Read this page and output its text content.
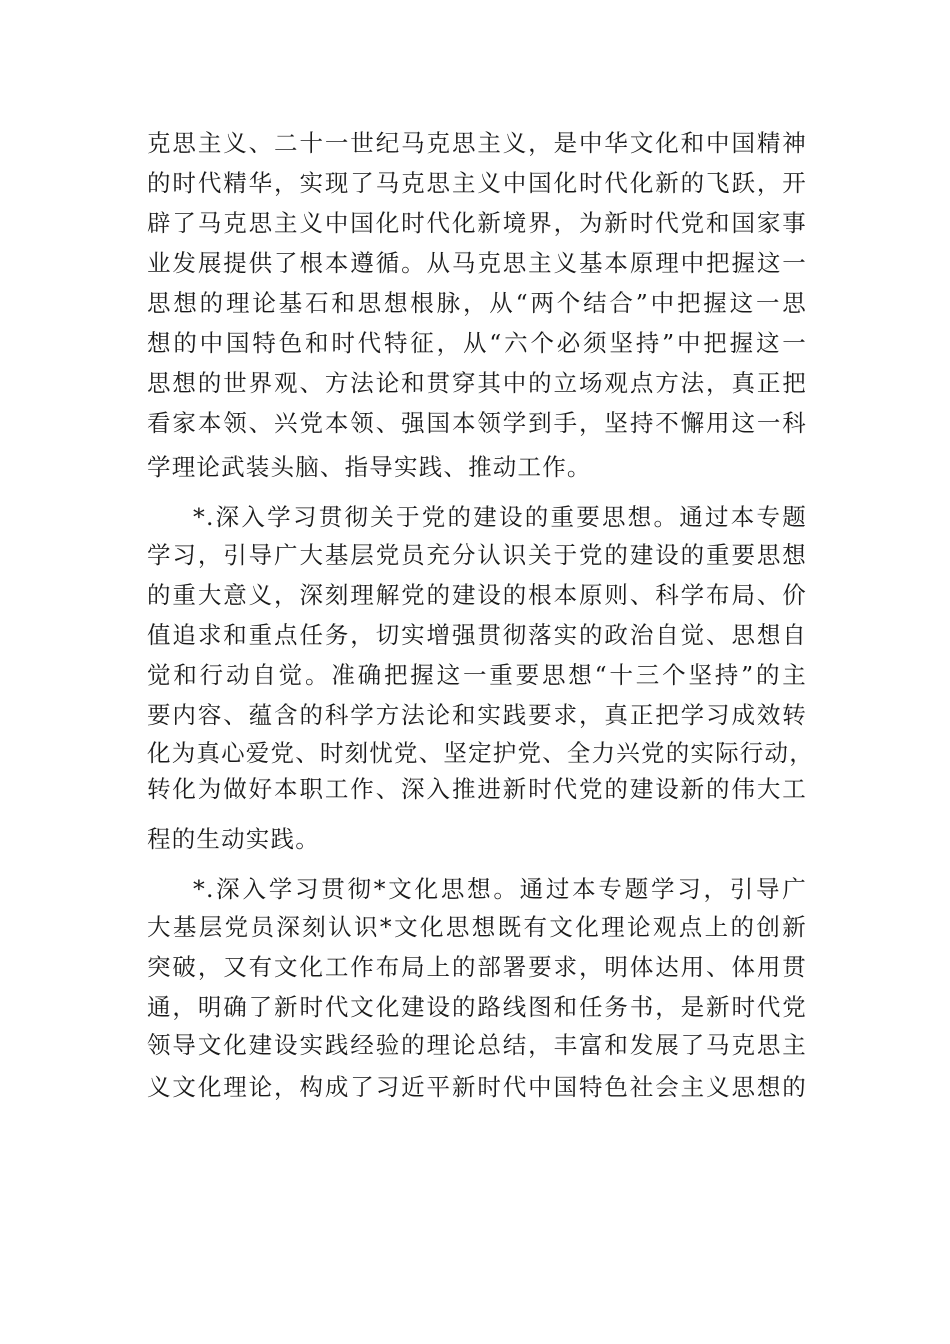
克思主义、二十一世纪马克思主义，是中华文化和中国精神
的时代精华，实现了马克思主义中国化时代化新的飞跃，开
辟了马克思主义中国化时代化新境界，为新时代党和国家事
业发展提供了根本遵循。从马克思主义基本原理中把握这一
思想的理论基石和思想根脉，从“两个结合”中把握这一思
想的中国特色和时代特征，从“六个必须坚持”中把握这一
思想的世界观、方法论和贯穿其中的立场观点方法，真正把
看家本领、兴党本领、强国本领学到手，坚持不懈用这一科
学理论武装头脑、指导实践、推动工作。
*.深入学习贯彻关于党的建设的重要思想。通过本专题
学习，引导广大基层党员充分认识关于党的建设的重要思想
的重大意义，深刻理解党的建设的根本原则、科学布局、价
值追求和重点任务，切实增强贯彻落实的政治自觉、思想自
觉和行动自觉。准确把握这一重要思想“十三个坚持”的主
要内容、蕴含的科学方法论和实践要求，真正把学习成效转
化为真心爱党、时刻忧党、坚定护党、全力兴党的实际行动，
转化为做好本职工作、深入推进新时代党的建设新的伟大工
程的生动实践。
*.深入学习贯彻*文化思想。通过本专题学习，引导广
大基层党员深刻认识*文化思想既有文化理论观点上的创新
突破，又有文化工作布局上的部署要求，明体达用、体用贯
通，明确了新时代文化建设的路线图和任务书，是新时代党
领导文化建设实践经验的理论总结，丰富和发展了马克思主
义文化理论，构成了习近平新时代中国特色社会主义思想的
